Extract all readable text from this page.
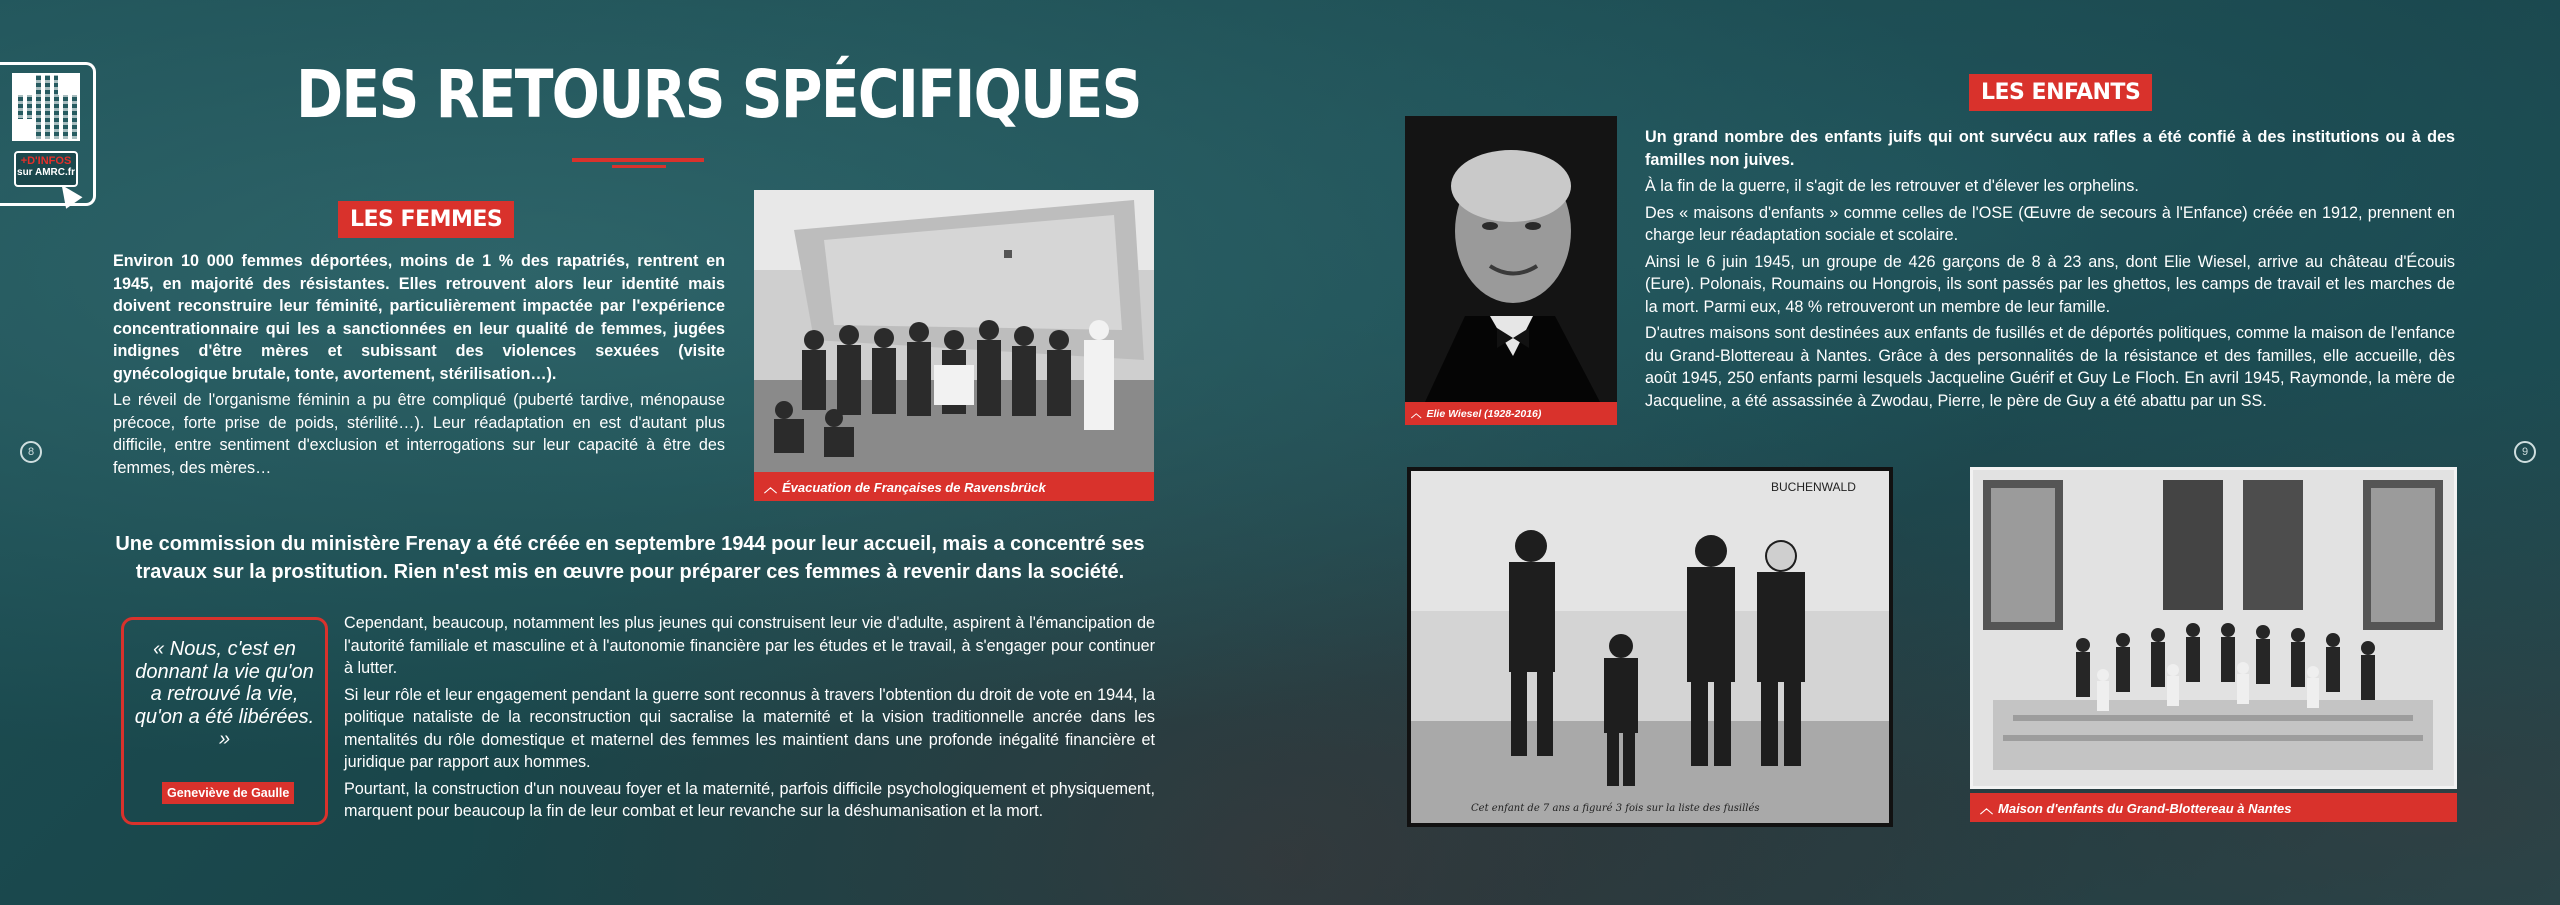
+D'INFOS
sur AMRC.fr
8	9
DES RETOURS SPÉCIFIQUES
LES FEMMES

Environ 10 000 femmes déportées, moins de 1 % des rapatriés, rentrent en 1945, en majorité des résistantes. Elles retrouvent alors leur identité mais doivent reconstruire leur féminité, particulièrement impactée par l'expérience concentrationnaire qui les a sanctionnées en leur qualité de femmes, jugées indignes d'être mères et subissant des violences sexuées (visite gynécologique brutale, tonte, avortement, stérilisation…).

Le réveil de l'organisme féminin a pu être compliqué (puberté tardive, ménopause précoce, forte prise de poids, stérilité…). Leur réadaptation en est d'autant plus difficile, entre sentiment d'exclusion et interrogations sur leur capacité à être des femmes, des mères…

︿ Évacuation de Françaises de Ravensbrück
Une commission du ministère Frenay a été créée en septembre 1944 pour leur accueil, mais a concentré ses travaux sur la prostitution. Rien n'est mis en œuvre pour préparer ces femmes à revenir dans la société.
« Nous, c'est en donnant la vie qu'on a retrouvé la vie, qu'on a été libérées. »
Geneviève de Gaulle

Cependant, beaucoup, notamment les plus jeunes qui construisent leur vie d'adulte, aspirent à l'émancipation de l'autorité familiale et masculine et à l'autonomie financière par les études et le travail, à s'engager pour continuer à lutter.

Si leur rôle et leur engagement pendant la guerre sont reconnus à travers l'obtention du droit de vote en 1944, la politique nataliste de la reconstruction qui sacralise la maternité et la vision traditionnelle ancrée dans les mentalités du rôle domestique et maternel des femmes les maintient dans une profonde inégalité financière et juridique par rapport aux hommes.

Pourtant, la construction d'un nouveau foyer et la maternité, parfois difficile psychologiquement et physiquement, marquent pour beaucoup la fin de leur combat et leur revanche sur la déshumanisation et la mort.

LES ENFANTS
︿ Elie Wiesel (1928-2016)

Un grand nombre des enfants juifs qui ont survécu aux rafles a été confié à des institutions ou à des familles non juives.

À la fin de la guerre, il s'agit de les retrouver et d'élever les orphelins.

Des « maisons d'enfants » comme celles de l'OSE (Œuvre de secours à l'Enfance) créée en 1912, prennent en charge leur réadaptation sociale et scolaire.

Ainsi le 6 juin 1945, un groupe de 426 garçons de 8 à 23 ans, dont Elie Wiesel, arrive au château d'Écouis (Eure). Polonais, Roumains ou Hongrois, ils sont passés par les ghettos, les camps de travail et les marches de la mort. Parmi eux, 48 % retrouveront un membre de leur famille.

D'autres maisons sont destinées aux enfants de fusillés et de déportés politiques, comme la maison de l'enfance du Grand-Blottereau à Nantes. Grâce à des personnalités de la résistance et des familles, elle accueille, dès août 1945, 250 enfants parmi lesquels Jacqueline Guérif et Guy Le Floch. En avril 1945, Raymonde, la mère de Jacqueline, a été assassinée à Zwodau, Pierre, le père de Guy a été abattu par un SS.

BUCHENWALD
Cet enfant de 7 ans a figuré 3 fois sur la liste des fusillés	︿ Maison d'enfants du Grand-Blottereau à Nantes
